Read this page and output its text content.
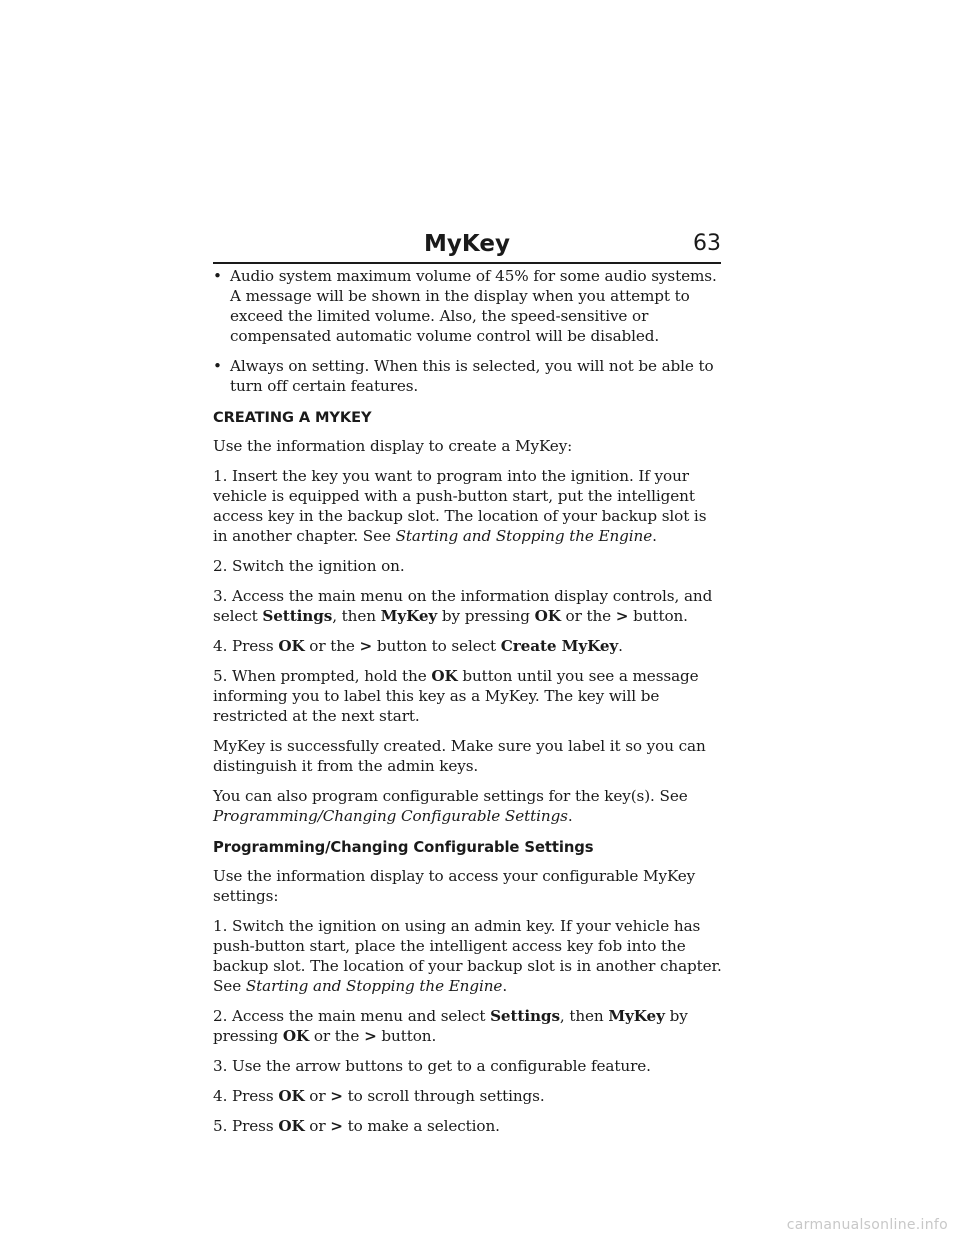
MyKey	63
• Audio system maximum volume of 45% for some audio systems. A message will be shown in the display when you attempt to exceed the limited volume. Also, the speed-sensitive or compensated automatic volume control will be disabled.
• Always on setting. When this is selected, you will not be able to turn off certain features.
CREATING A MYKEY

Use the information display to create a MyKey:

1. Insert the key you want to program into the ignition. If your vehicle is equipped with a push-button start, put the intelligent access key in the backup slot. The location of your backup slot is in another chapter. See Starting and Stopping the Engine.

2. Switch the ignition on.

3. Access the main menu on the information display controls, and select Settings, then MyKey by pressing OK or the > button.

4. Press OK or the > button to select Create MyKey.

5. When prompted, hold the OK button until you see a message informing you to label this key as a MyKey. The key will be restricted at the next start.

MyKey is successfully created. Make sure you label it so you can distinguish it from the admin keys.

You can also program configurable settings for the key(s). See Programming/Changing Configurable Settings.

Programming/Changing Configurable Settings

Use the information display to access your configurable MyKey settings:

1. Switch the ignition on using an admin key. If your vehicle has push-button start, place the intelligent access key fob into the backup slot. The location of your backup slot is in another chapter. See Starting and Stopping the Engine.

2. Access the main menu and select Settings, then MyKey by pressing OK or the > button.

3. Use the arrow buttons to get to a configurable feature.

4. Press OK or > to scroll through settings.

5. Press OK or > to make a selection.

carmanualsonline.info
